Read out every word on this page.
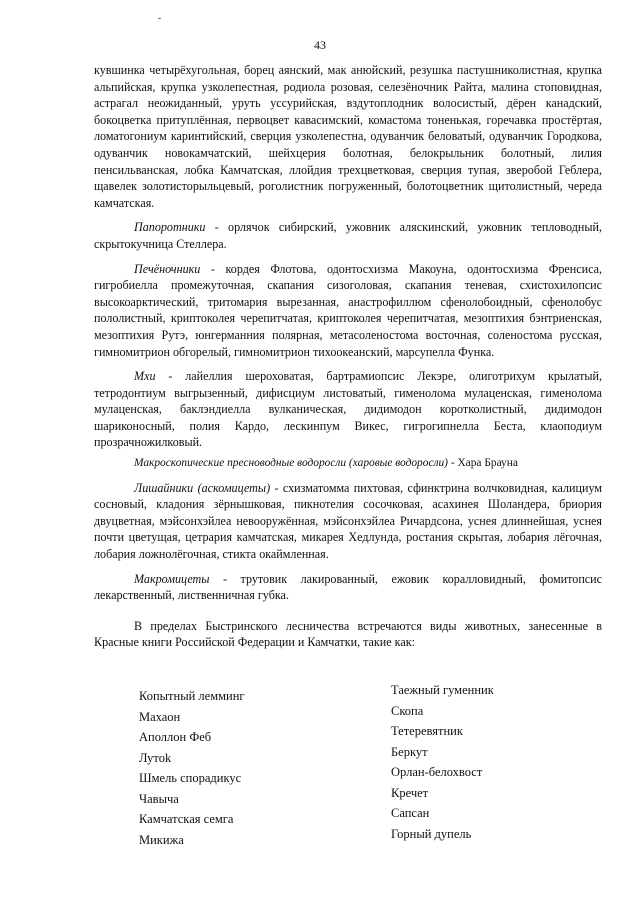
43

кувшинка четырёхугольная, борец аянский, мак анюйский, резушка пастушниколистная, крупка альпийская, крупка узколепестная, родиола розовая, селезёночник Райта, малина стоповидная, астрагал неожиданный, уруть уссурийская, вздутоплодник волосистый, дёрен канадский, бокоцветка притуплённая, первоцвет кавасимский, комастома тоненькая, горечавка простёртая, ломатогониум каринтийский, сверция узколепестна, одуванчик беловатый, одуванчик Городкова, одуванчик новокамчатский, шейхцерия болотная, белокрыльник болотный, лилия пенсильванская, лобка Камчатская, ллойдия трехцветковая, сверция тупая, зверобой Геблера, щавелек золотисторыльцевый, роголистник погруженный, болотоцветник щитолистный, череда камчатская.

Папоротники - орлячок сибирский, ужовник аляскинский, ужовник тепловодный, скрытокучница Стеллера.

Печёночники - кордея Флотова, одонтосхизма Макоуна, одонтосхизма Френсиса, гигробиелла промежуточная, скапания сизоголовая, скапания теневая, схистохилопсис высокоарктический, тритомария вырезанная, анастрофиллюм сфенолобоидный, сфенолобус пололистный, криптоколея черепитчатая, криптоколея черепитчатая, мезоптихия бэнтриенская, мезоптихия Рутэ, юнгерманния полярная, метасоленостома восточная, соленостома русская, гимномитрион обгорелый, гимномитрион тихоокеанский, марсупелла Функа.

Мхи - лайеллия шероховатая, бартрамиопсис Лекэре, олиготрихум крылатый, тетродонтиум выгрызенный, дифисциум листоватый, гименолома мулаценская, гименолома мулаценская, баклэндиелла вулканическая, дидимодон коротколистный, дидимодон шариконосный, полия Кардо, лескинпум Викес, гигрогипнелла Беста, клаоподиум прозрачножилковый.

Макроскопические пресноводные водоросли (харовые водоросли) - Хара Брауна

Лишайники (аскомицеты) - схизматомма пихтовая, сфинктрина волчковидная, калициум сосновый, кладония зёрнышковая, пикнотелия сосочковая, асахинея Шоландера, бриория двуцветная, мэйсонхэйлеа невооружённая, мэйсонхэйлеа Ричардсона, уснея длиннейшая, уснея почти цветущая, цетрария камчатская, микарея Хедлунда, ростания скрытая, лобария лёгочная, лобария ложнолёгочная, стикта окаймленная.

Макромицеты - трутовик лакированный, ежовик коралловидный, фомитопсис лекарственный, лиственничная губка.

В пределах Быстринского лесничества встречаются виды животных, занесенные в Красные книги Российской Федерации и Камчатки, такие как:

Копытный лемминг
Махаон
Аполлон Феб
Лутоk
Шмель спорадикус
Чавыча
Камчатская семга
Микижа
Таежный гуменник
Скопа
Тетеревятник
Беркут
Орлан-белохвост
Кречет
Сапсан
Горный дупель
